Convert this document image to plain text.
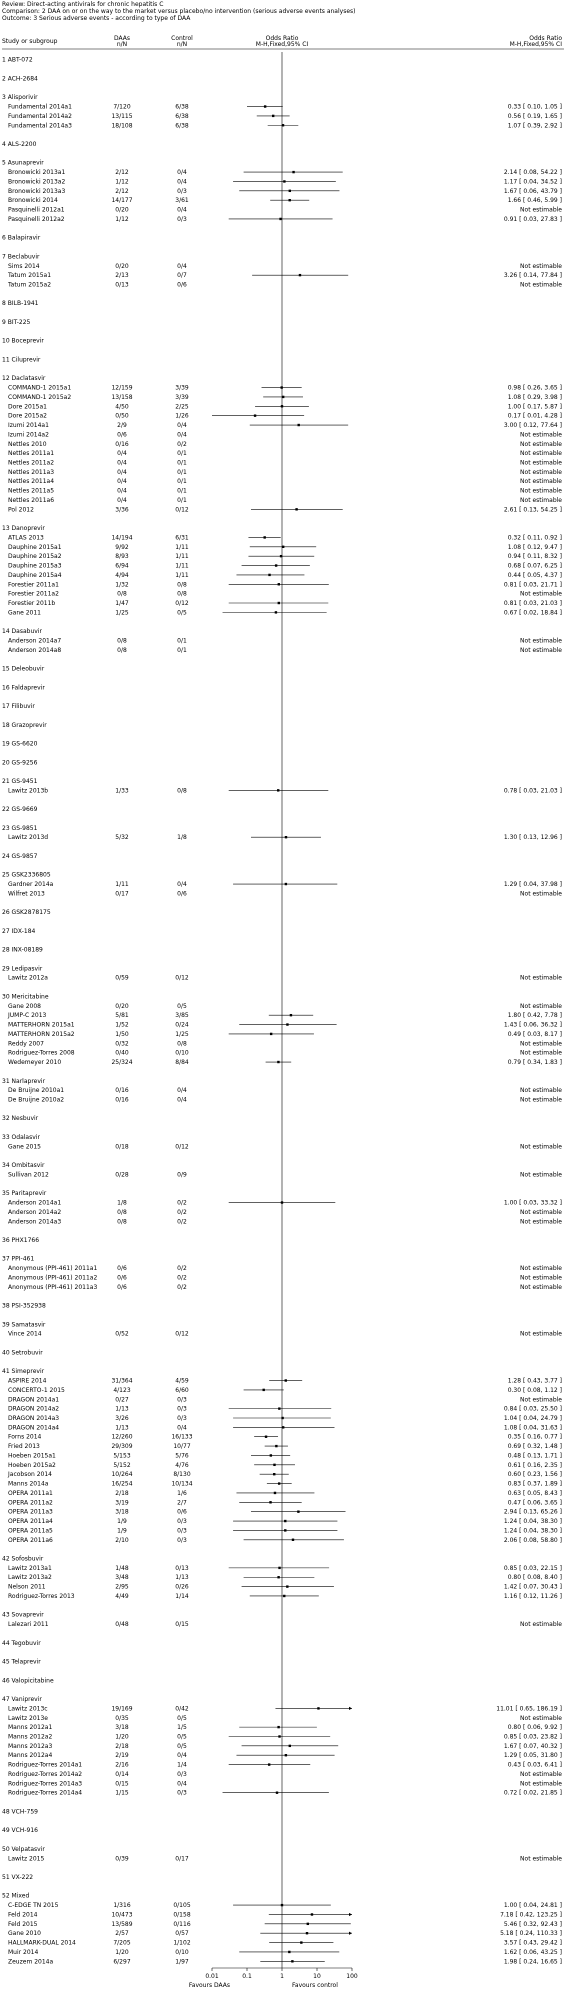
Review: Direct-acting antivirals for chronic hepatitis C
Comparison: 2 DAA on or on the way to the market versus placebo/no intervention (serious adverse events analyses)
Outcome: 3 Serious adverse events - according to type of DAA
Study or subgroup	DAAs
n/N
Control
n/N
Odds Ratio
M-H,Fixed,95% CI
Odds Ratio
M-H,Fixed,95% CI
1 ABT-072
2 ACH-2684
3 Alisporivir
Fundamental 2014a1	7/120	6/38	0.33 [ 0.10, 1.05 ]
Fundamental 2014a2	13/115	6/38	0.56 [ 0.19, 1.65 ]
Fundamental 2014a3	18/108	6/38	1.07 [ 0.39, 2.92 ]
4 ALS-2200
5 Asunaprevir
Bronowicki 2013a1	2/12	0/4	2.14 [ 0.08, 54.22 ]
Bronowicki 2013a2	1/12	0/4	1.17 [ 0.04, 34.52 ]
Bronowicki 2013a3	2/12	0/3	1.67 [ 0.06, 43.79 ]
Bronowicki 2014	14/177	3/61	1.66 [ 0.46, 5.99 ]
Pasquinelli 2012a1	0/20	0/4	Not estimable
Pasquinelli 2012a2	1/12	0/3	0.91 [ 0.03, 27.83 ]
6 Balapiravir
7 Beclabuvir
Sims 2014	0/20	0/4	Not estimable
Tatum 2015a1	2/13	0/7	3.26 [ 0.14, 77.84 ]
Tatum 2015a2	0/13	0/6	Not estimable
8 BILB-1941
9 BIT-225
10 Boceprevir
11 Ciluprevir
12 Daclatasvir
COMMAND-1 2015a1	12/159	3/39	0.98 [ 0.26, 3.65 ]
COMMAND-1 2015a2	13/158	3/39	1.08 [ 0.29, 3.98 ]
Dore 2015a1	4/50	2/25	1.00 [ 0.17, 5.87 ]
Dore 2015a2	0/50	1/26	0.17 [ 0.01, 4.28 ]
Izumi 2014a1	2/9	0/4	3.00 [ 0.12, 77.64 ]
Izumi 2014a2	0/6	0/4	Not estimable
Nettles 2010	0/16	0/2	Not estimable
Nettles 2011a1	0/4	0/1	Not estimable
Nettles 2011a2	0/4	0/1	Not estimable
Nettles 2011a3	0/4	0/1	Not estimable
Nettles 2011a4	0/4	0/1	Not estimable
Nettles 2011a5	0/4	0/1	Not estimable
Nettles 2011a6	0/4	0/1	Not estimable
Pol 2012	3/36	0/12	2.61 [ 0.13, 54.25 ]
13 Danoprevir
ATLAS 2013	14/194	6/31	0.32 [ 0.11, 0.92 ]
Dauphine 2015a1	9/92	1/11	1.08 [ 0.12, 9.47 ]
Dauphine 2015a2	8/93	1/11	0.94 [ 0.11, 8.32 ]
Dauphine 2015a3	6/94	1/11	0.68 [ 0.07, 6.25 ]
Dauphine 2015a4	4/94	1/11	0.44 [ 0.05, 4.37 ]
Forestier 2011a1	1/32	0/8	0.81 [ 0.03, 21.71 ]
Forestier 2011a2	0/8	0/8	Not estimable
Forestier 2011b	1/47	0/12	0.81 [ 0.03, 21.03 ]
Gane 2011	1/25	0/5	0.67 [ 0.02, 18.84 ]
14 Dasabuvir
Anderson 2014a7	0/8	0/1	Not estimable
Anderson 2014a8	0/8	0/1	Not estimable
15 Deleobuvir
16 Faldaprevir
17 Filibuvir
18 Grazoprevir
19 GS-6620
20 GS-9256
21 GS-9451
Lawitz 2013b	1/33	0/8	0.78 [ 0.03, 21.03 ]
22 GS-9669
23 GS-9851
Lawitz 2013d	5/32	1/8	1.30 [ 0.13, 12.96 ]
24 GS-9857
25 GSK2336805
Gardner 2014a	1/11	0/4	1.29 [ 0.04, 37.98 ]
Wilfret 2013	0/17	0/6	Not estimable
26 GSK2878175
27 IDX-184
28 INX-08189
29 Ledipasvir
Lawitz 2012a	0/59	0/12	Not estimable
30 Mericitabine
Gane 2008	0/20	0/5	Not estimable
JUMP-C 2013	5/81	3/85	1.80 [ 0.42, 7.78 ]
MATTERHORN 2015a1	1/52	0/24	1.43 [ 0.06, 36.32 ]
MATTERHORN 2015a2	1/50	1/25	0.49 [ 0.03, 8.17 ]
Reddy 2007	0/32	0/8	Not estimable
Rodriguez-Torres 2008	0/40	0/10	Not estimable
Wedemeyer 2010	25/324	8/84	0.79 [ 0.34, 1.83 ]
31 Narlaprevir
De Bruijne 2010a1	0/16	0/4	Not estimable
De Bruijne 2010a2	0/16	0/4	Not estimable
32 Nesbuvir
33 Odalasvir
Gane 2015	0/18	0/12	Not estimable
34 Ombitasvir
Sullivan 2012	0/28	0/9	Not estimable
35 Paritaprevir
Anderson 2014a1	1/8	0/2	1.00 [ 0.03, 33.32 ]
Anderson 2014a2	0/8	0/2	Not estimable
Anderson 2014a3	0/8	0/2	Not estimable
36 PHX1766
37 PPI-461
Anonymous (PPI-461) 2011a1	0/6	0/2	Not estimable
Anonymous (PPI-461) 2011a2	0/6	0/2	Not estimable
Anonymous (PPI-461) 2011a3	0/6	0/2	Not estimable
38 PSI-352938
39 Samatasvir
Vince 2014	0/52	0/12	Not estimable
40 Setrobuvir
41 Simeprevir
ASPIRE 2014	31/364	4/59	1.28 [ 0.43, 3.77 ]
CONCERTO-1 2015	4/123	6/60	0.30 [ 0.08, 1.12 ]
DRAGON 2014a1	0/27	0/3	Not estimable
DRAGON 2014a2	1/13	0/3	0.84 [ 0.03, 25.50 ]
DRAGON 2014a3	3/26	0/3	1.04 [ 0.04, 24.79 ]
DRAGON 2014a4	1/13	0/4	1.08 [ 0.04, 31.63 ]
Forns 2014	12/260	16/133	0.35 [ 0.16, 0.77 ]
Fried 2013	29/309	10/77	0.69 [ 0.32, 1.48 ]
Hoeben 2015a1	5/153	5/76	0.48 [ 0.13, 1.71 ]
Hoeben 2015a2	5/152	4/76	0.61 [ 0.16, 2.35 ]
Jacobson 2014	10/264	8/130	0.60 [ 0.23, 1.56 ]
Manns 2014a	16/254	10/134	0.83 [ 0.37, 1.89 ]
OPERA 2011a1	2/18	1/6	0.63 [ 0.05, 8.43 ]
OPERA 2011a2	3/19	2/7	0.47 [ 0.06, 3.65 ]
OPERA 2011a3	3/18	0/6	2.94 [ 0.13, 65.26 ]
OPERA 2011a4	1/9	0/3	1.24 [ 0.04, 38.30 ]
OPERA 2011a5	1/9	0/3	1.24 [ 0.04, 38.30 ]
OPERA 2011a6	2/10	0/3	2.06 [ 0.08, 58.80 ]
42 Sofosbuvir
Lawitz 2013a1	1/48	0/13	0.85 [ 0.03, 22.15 ]
Lawitz 2013a2	3/48	1/13	0.80 [ 0.08, 8.40 ]
Nelson 2011	2/95	0/26	1.42 [ 0.07, 30.43 ]
Rodriguez-Torres 2013	4/49	1/14	1.16 [ 0.12, 11.26 ]
43 Sovaprevir
Lalezari 2011	0/48	0/15	Not estimable
44 Tegobuvir
45 Telaprevir
46 Valopicitabine
47 Vaniprevir
Lawitz 2013c	19/169	0/42	11.01 [ 0.65, 186.19 ]
Lawitz 2013e	0/35	0/5	Not estimable
Manns 2012a1	3/18	1/5	0.80 [ 0.06, 9.92 ]
Manns 2012a2	1/20	0/5	0.85 [ 0.03, 23.82 ]
Manns 2012a3	2/18	0/5	1.67 [ 0.07, 40.32 ]
Manns 2012a4	2/19	0/4	1.29 [ 0.05, 31.80 ]
Rodriguez-Torres 2014a1	2/16	1/4	0.43 [ 0.03, 6.41 ]
Rodriguez-Torres 2014a2	0/14	0/3	Not estimable
Rodriguez-Torres 2014a3	0/15	0/4	Not estimable
Rodriguez-Torres 2014a4	1/15	0/3	0.72 [ 0.02, 21.85 ]
48 VCH-759
49 VCH-916
50 Velpatasvir
Lawitz 2015	0/39	0/17	Not estimable
51 VX-222
52 Mixed
C-EDGE TN 2015	1/316	0/105	1.00 [ 0.04, 24.81 ]
Feld 2014	10/473	0/158	7.18 [ 0.42, 123.25 ]
Feld 2015	13/589	0/116	5.46 [ 0.32, 92.43 ]
Gane 2010	2/57	0/57	5.18 [ 0.24, 110.33 ]
HALLMARK-DUAL 2014	7/205	1/102	3.57 [ 0.43, 29.42 ]
Muir 2014	1/20	0/10	1.62 [ 0.06, 43.25 ]
Zeuzem 2014a	6/297	1/97	1.98 [ 0.24, 16.65 ]
0.01	0.1	1	10	100
Favours DAAs	Favours control
